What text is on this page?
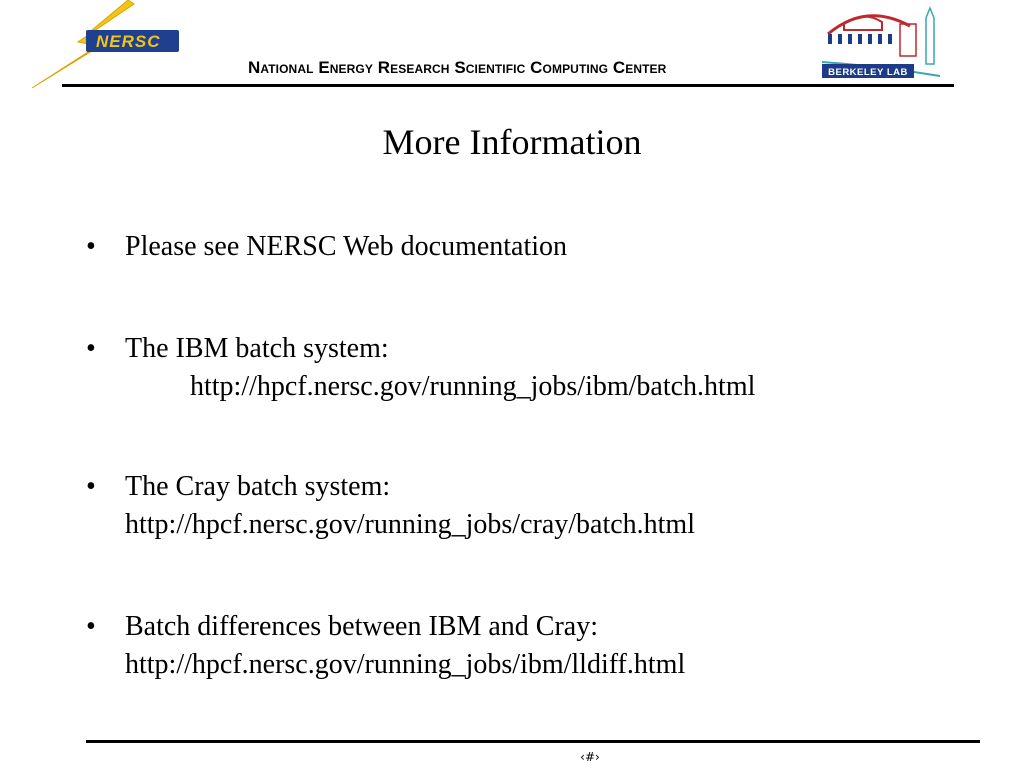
NERSC
National Energy Research Scientific Computing Center	BERKELEY LAB
More Information
• Please see NERSC Web documentation
• The IBM batch system:
http://hpcf.nersc.gov/running_jobs/ibm/batch.html
• The Cray batch system:
http://hpcf.nersc.gov/running_jobs/cray/batch.html
• Batch differences between IBM and Cray:
http://hpcf.nersc.gov/running_jobs/ibm/lldiff.html
‹#›
